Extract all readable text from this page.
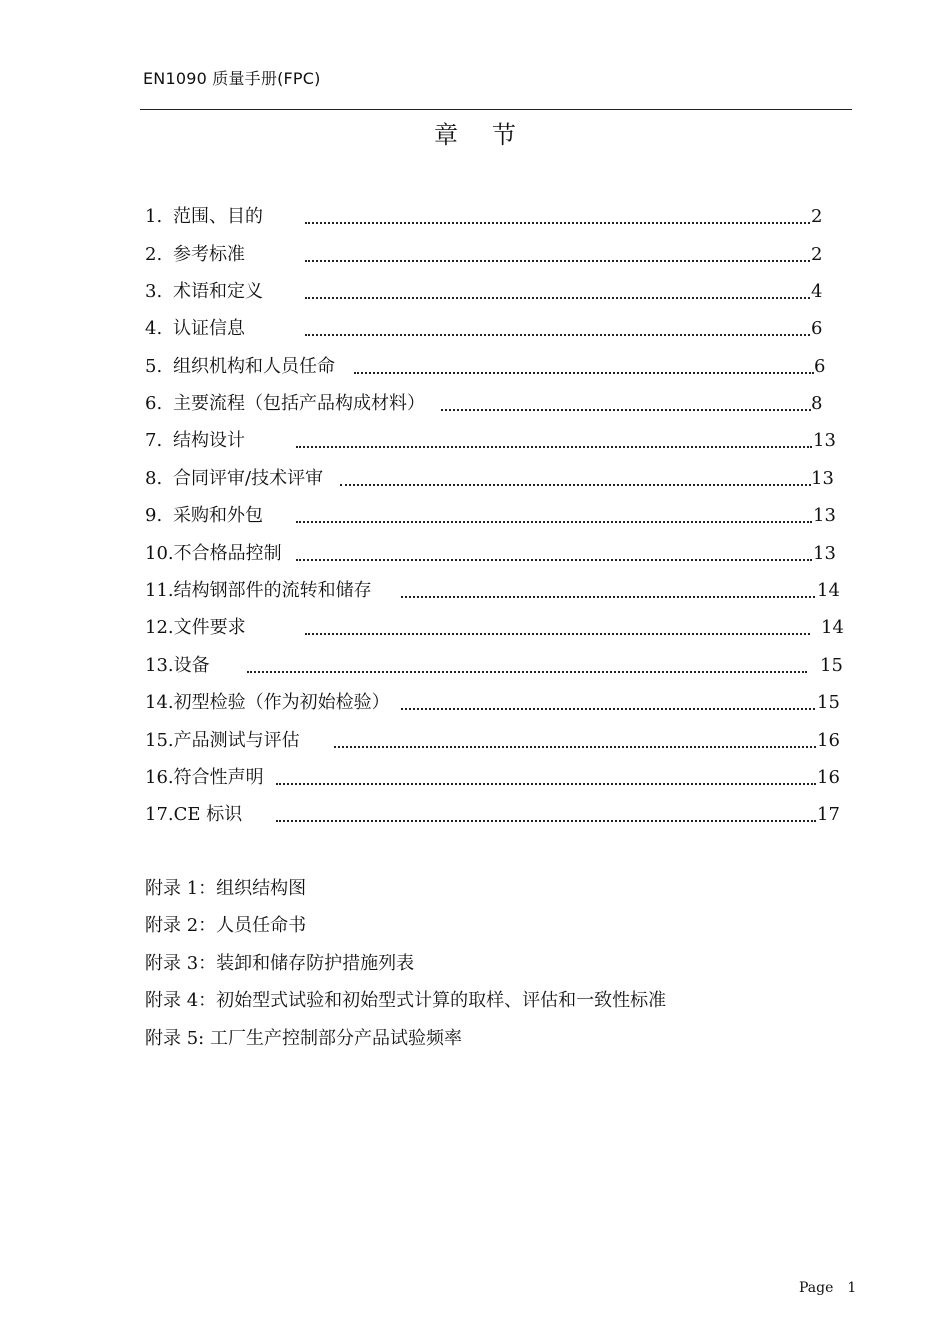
EN1090 质量手册(FPC)
章节
1. 范围、目的	2
2. 参考标准	2
3. 术语和定义	4
4. 认证信息	6
5. 组织机构和人员任命	6
6. 主要流程（包括产品构成材料）	8
7. 结构设计	13
8. 合同评审/技术评审	13
9. 采购和外包	13
10.不合格品控制	13
11.结构钢部件的流转和储存	14
12.文件要求	14
13.设备	15
14.初型检验（作为初始检验）	15
15.产品测试与评估	16
16.符合性声明	16
17.CE 标识	17
附录 1：组织结构图
附录 2：人员任命书
附录 3：装卸和储存防护措施列表
附录 4：初始型式试验和初始型式计算的取样、评估和一致性标准
附录 5: 工厂生产控制部分产品试验频率
Page 1
